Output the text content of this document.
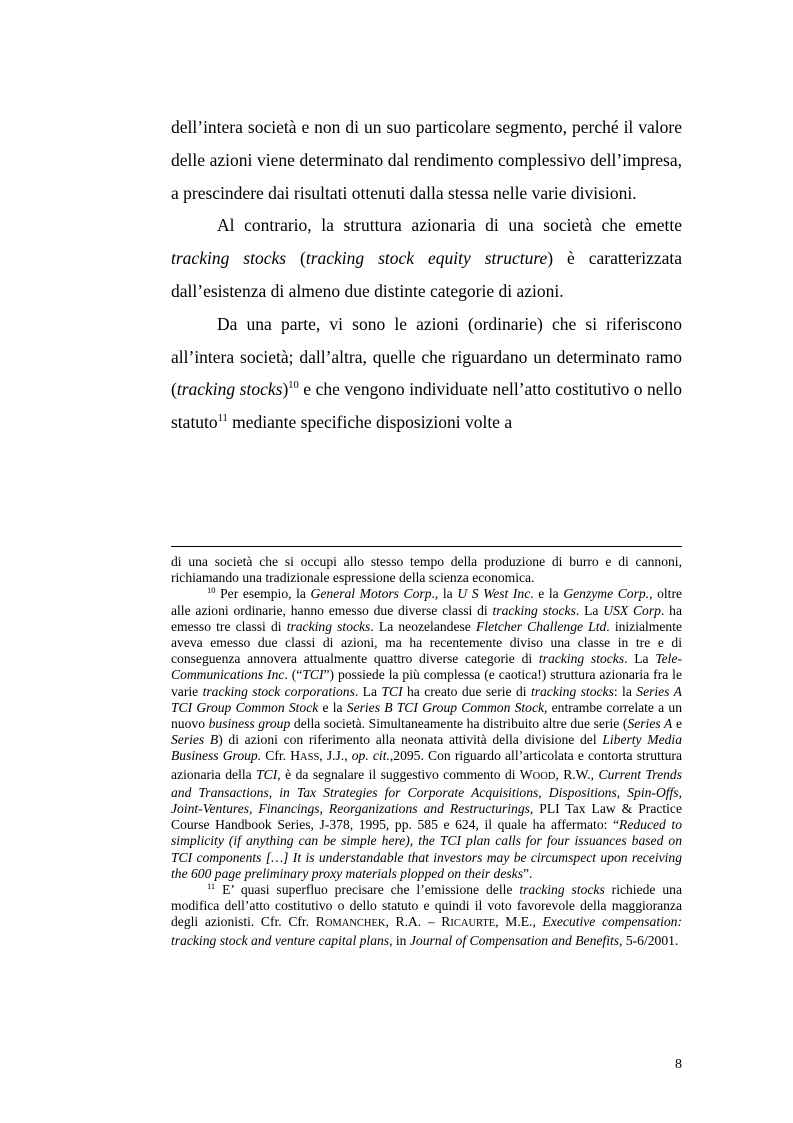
dell’intera società e non di un suo particolare segmento, perché il valore delle azioni viene determinato dal rendimento complessivo dell’impresa, a prescindere dai risultati ottenuti dalla stessa nelle varie divisioni.

Al contrario, la struttura azionaria di una società che emette tracking stocks (tracking stock equity structure) è caratterizzata dall’esistenza di almeno due distinte categorie di azioni.

Da una parte, vi sono le azioni (ordinarie) che si riferiscono all’intera società; dall’altra, quelle che riguardano un determinato ramo (tracking stocks)$^{10}$ e che vengono individuate nell’atto costitutivo o nello statuto$^{11}$ mediante specifiche disposizioni volte a

di una società che si occupi allo stesso tempo della produzione di burro e di cannoni, richiamando una tradizionale espressione della scienza economica.

$^{10}$ Per esempio, la General Motors Corp., la U S West Inc. e la Genzyme Corp., oltre alle azioni ordinarie, hanno emesso due diverse classi di tracking stocks. La USX Corp. ha emesso tre classi di tracking stocks. La neozelandese Fletcher Challenge Ltd. inizialmente aveva emesso due classi di azioni, ma ha recentemente diviso una classe in tre e di conseguenza annovera attualmente quattro diverse categorie di tracking stocks. La Tele-Communications Inc. (“TCI”) possiede la più complessa (e caotica!) struttura azionaria fra le varie tracking stock corporations. La TCI ha creato due serie di tracking stocks: la Series A TCI Group Common Stock e la Series B TCI Group Common Stock, entrambe correlate a un nuovo business group della società. Simultaneamente ha distribuito altre due serie (Series A e Series B) di azioni con riferimento alla neonata attività della divisione del Liberty Media Business Group. Cfr. HASS, J.J., op. cit.,2095. Con riguardo all’articolata e contorta struttura azionaria della TCI, è da segnalare il suggestivo commento di WOOD, R.W., Current Trends and Transactions, in Tax Strategies for Corporate Acquisitions, Dispositions, Spin-Offs, Joint-Ventures, Financings, Reorganizations and Restructurings, PLI Tax Law & Practice Course Handbook Series, J-378, 1995, pp. 585 e 624, il quale ha affermato: “Reduced to simplicity (if anything can be simple here), the TCI plan calls for four issuances based on TCI components […] It is understandable that investors may be circumspect upon receiving the 600 page preliminary proxy materials plopped on their desks”.

$^{11}$ E’ quasi superfluo precisare che l’emissione delle tracking stocks richiede una modifica dell’atto costitutivo o dello statuto e quindi il voto favorevole della maggioranza degli azionisti. Cfr. Cfr. ROMANCHEK, R.A. – RICAURTE, M.E., Executive compensation: tracking stock and venture capital plans, in Journal of Compensation and Benefits, 5-6/2001.

8
